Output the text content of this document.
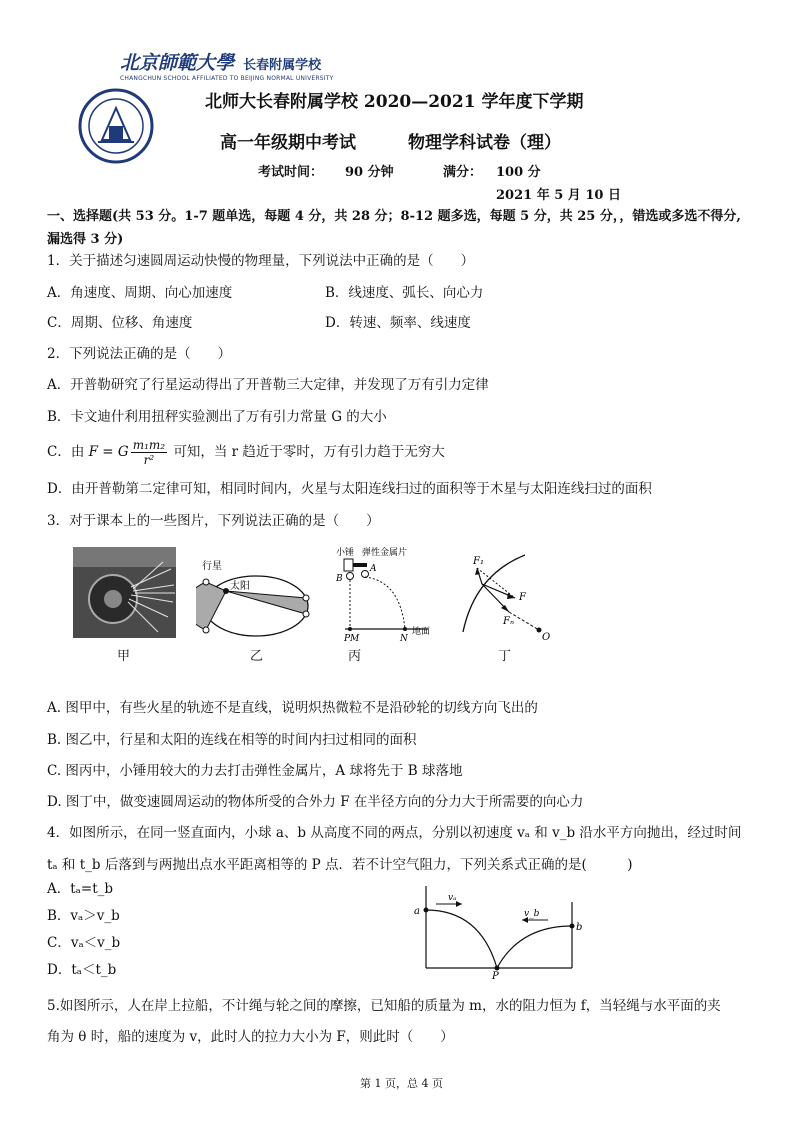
北京師範大學 长春附属学校
CHANGCHUN SCHOOL AFFILIATED TO BEIJING NORMAL UNIVERSITY
北师大长春附属学校 2020—2021 学年度下学期
高一年级期中考试	物理学科试卷（理）
考试时间： 90 分钟	满分： 100 分
2021 年 5 月 10 日
一、选择题(共 53 分。1-7 题单选，每题 4 分，共 28 分；8-12 题多选，每题 5 分，共 25 分，，错选或多选不得分,
漏选得 3 分)
1．关于描述匀速圆周运动快慢的物理量，下列说法中正确的是（　　）
A．角速度、周期、向心加速度	B．线速度、弧长、向心力
C．周期、位移、角速度	D．转速、频率、线速度
2．下列说法正确的是（　　）
A．开普勒研究了行星运动得出了开普勒三大定律，并发现了万有引力定律
B．卡文迪什利用扭秤实验测出了万有引力常量 G 的大小
C．由 F = G $\frac{\text{m₁m₂}}{\text{r²}}$ 可知，当 r 趋近于零时，万有引力趋于无穷大
D．由开普勒第二定律可知，相同时间内，火星与太阳连线扫过的面积等于木星与太阳连线扫过的面积
3．对于课本上的一些图片，下列说法正确的是（　　）
甲
行星
太阳
乙
小锤 弹性金属片
A
B
PM	N
地面
丙
F₁
F
Fₙ
O
丁
A. 图甲中，有些火星的轨迹不是直线，说明炽热微粒不是沿砂轮的切线方向飞出的
B. 图乙中，行星和太阳的连线在相等的时间内扫过相同的面积
C. 图丙中，小锤用较大的力去打击弹性金属片，A 球将先于 B 球落地
D. 图丁中，做变速圆周运动的物体所受的合外力 F 在半径方向的分力大于所需要的向心力
4．如图所示，在同一竖直面内，小球 a、b 从高度不同的两点，分别以初速度 vₐ 和 v_b 沿水平方向抛出，经过时间
tₐ 和 t_b 后落到与两抛出点水平距离相等的 P 点．若不计空气阻力，下列关系式正确的是(　　　)
A．tₐ=t_b
B．vₐ＞v_b
C．vₐ＜v_b
D．tₐ＜t_b
a
b
P
vₐ
v_b
5.如图所示，人在岸上拉船，不计绳与轮之间的摩擦，已知船的质量为 m，水的阻力恒为 f，当轻绳与水平面的夹
角为 θ 时，船的速度为 v，此时人的拉力大小为 F，则此时（　　）
第 1 页，总 4 页
